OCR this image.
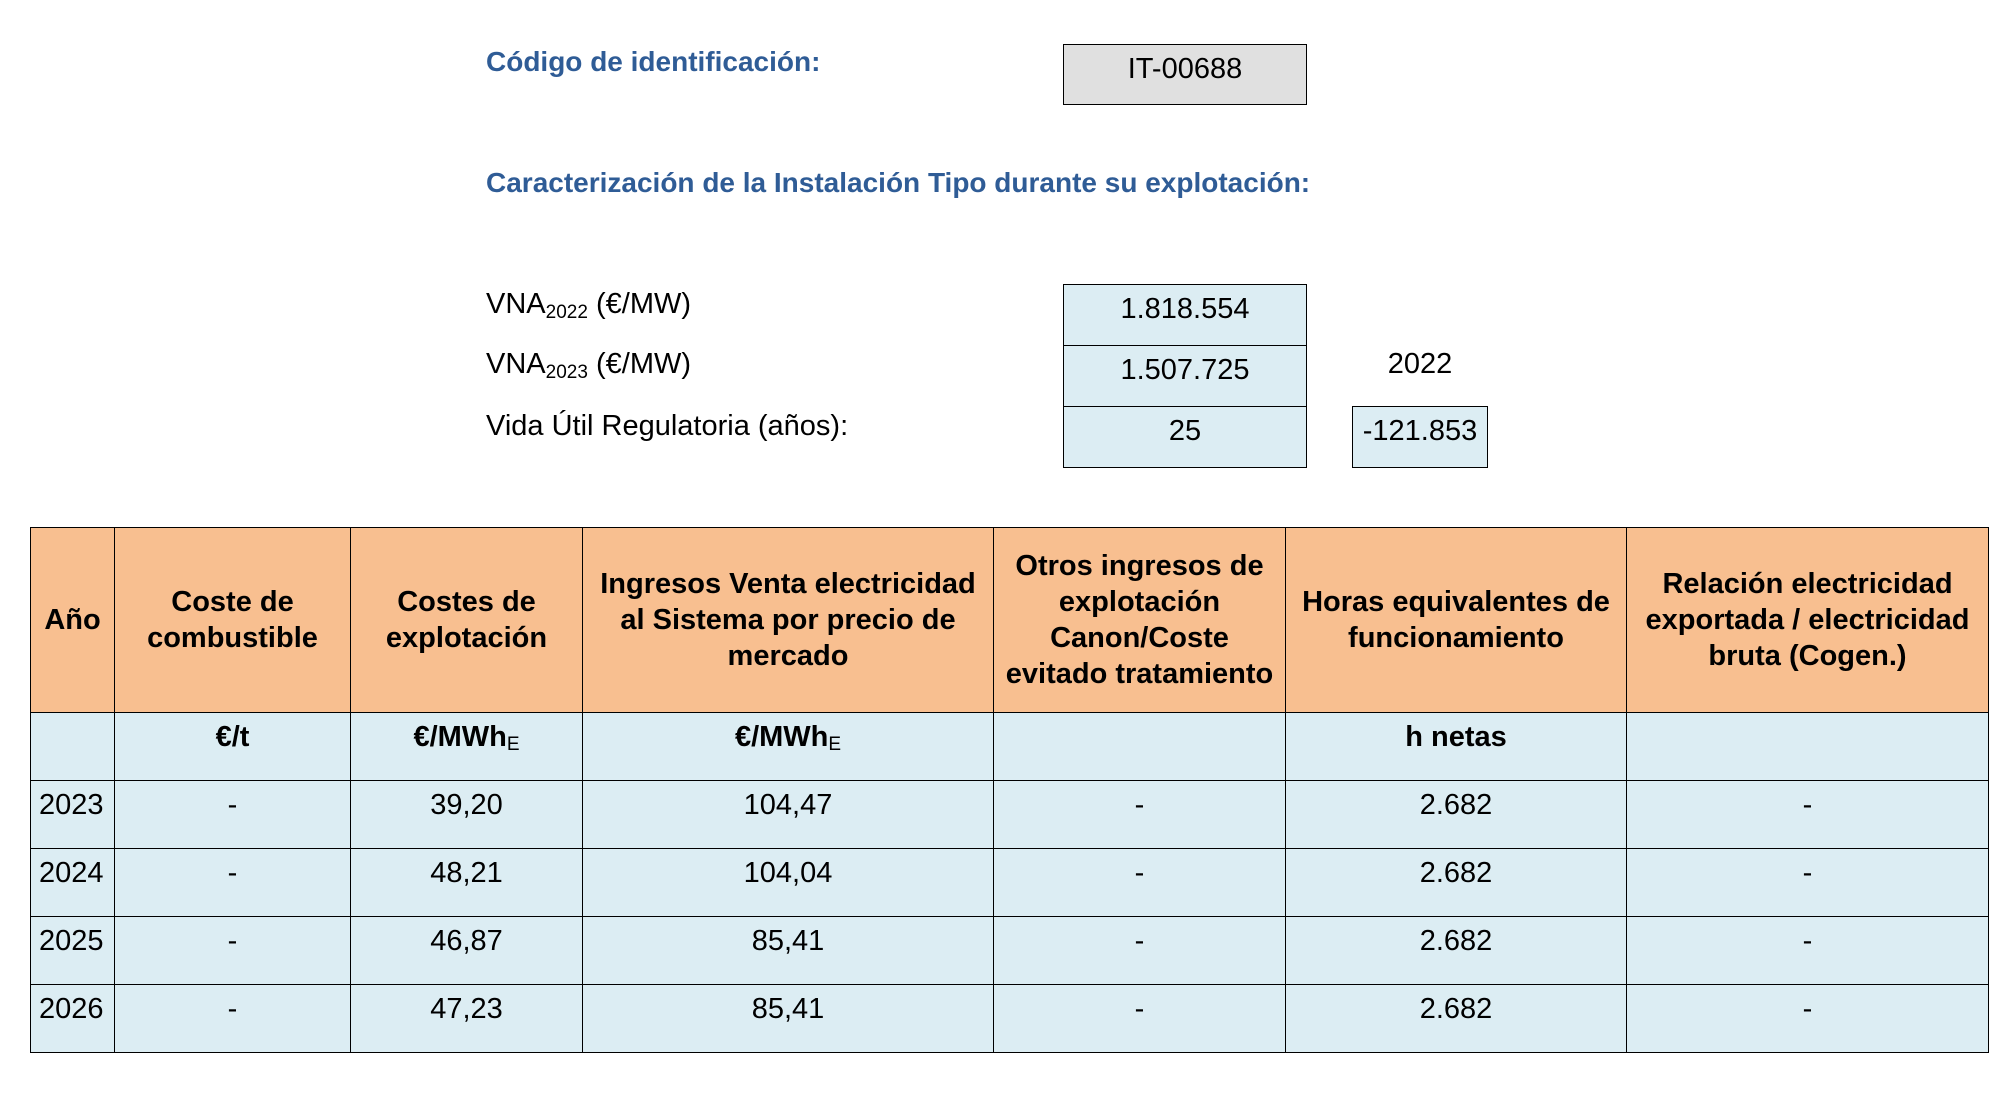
Código de identificación:	IT-00688
Caracterización de la Instalación Tipo durante su explotación:
$VNA_{2022}$ (€/MW)	1.818.554
$VNA_{2023}$ (€/MW)	1.507.725	2022
Vida Útil Regulatoria (años):	25	-121.853
Año	Coste de combustible	Costes de explotación	Ingresos Venta electricidad al Sistema por precio de mercado	Otros ingresos de explotación Canon/Coste evitado tratamiento	Horas equivalentes de funcionamiento	Relación electricidad exportada / electricidad bruta (Cogen.)
	€/t	€/MWh$_E$	€/MWh$_E$		h netas	
2023	-	39,20	104,47	-	2.682	-
2024	-	48,21	104,04	-	2.682	-
2025	-	46,87	85,41	-	2.682	-
2026	-	47,23	85,41	-	2.682	-
